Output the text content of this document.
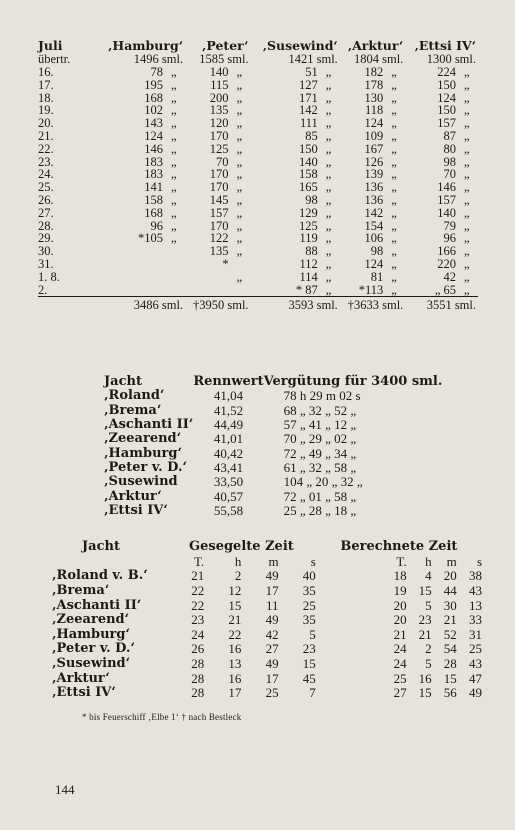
Juli	‚Hamburg‘		‚Peter‘		‚Susewind‘		‚Arktur‘		‚Ettsi IV‘	
übertr.	1496 sml.		1585 sml.		1421 sml.		1804 sml.		1300 sml.	
16.	78	„	140	„	51	„	182	„	224	„
17.	195	„	115	„	127	„	178	„	150	„
18.	168	„	200	„	171	„	130	„	124	„
19.	102	„	135	„	142	„	118	„	150	„
20.	143	„	120	„	111	„	124	„	157	„
21.	124	„	170	„	85	„	109	„	87	„
22.	146	„	125	„	150	„	167	„	80	„
23.	183	„	70	„	140	„	126	„	98	„
24.	183	„	170	„	158	„	139	„	70	„
25.	141	„	170	„	165	„	136	„	146	„
26.	158	„	145	„	98	„	136	„	157	„
27.	168	„	157	„	129	„	142	„	140	„
28.	96	„	170	„	125	„	154	„	79	„
29.	*105	„	122	„	119	„	106	„	96	„
30.			135	„	88	„	98	„	166	„
31.			*		112	„	124	„	220	„
1. 8.				„	114	„	81	„	42	„
2.					* 87	„	*113	„	„ 65	„
	3486 sml.		†3950 sml.		3593 sml.		†3633 sml.		3551 sml.	
Jacht	Rennwert	Vergütung für 3400 sml.
‚Roland‘	41,04	78 h 29 m 02 s
‚Brema‘	41,52	68 „ 32 „ 52 „
‚Aschanti II‘	44,49	57 „ 41 „ 12 „
‚Zeearend‘	41,01	70 „ 29 „ 02 „
‚Hamburg‘	40,42	72 „ 49 „ 34 „
‚Peter v. D.‘	43,41	61 „ 32 „ 58 „
‚Susewind	33,50	104 „ 20 „ 32 „
‚Arktur‘	40,57	72 „ 01 „ 58 „
‚Ettsi IV‘	55,58	25 „ 28 „ 18 „
Jacht	Gesegelte Zeit				Berechnete Zeit			
	T.	h	m	s	T.	h	m	s
‚Roland v. B.‘	21	2	49	40	18	4	20	38
‚Brema‘	22	12	17	35	19	15	44	43
‚Aschanti II‘	22	15	11	25	20	5	30	13
‚Zeearend‘	23	21	49	35	20	23	21	33
‚Hamburg‘	24	22	42	5	21	21	52	31
‚Peter v. D.‘	26	16	27	23	24	2	54	25
‚Susewind‘	28	13	49	15	24	5	28	43
‚Arktur‘	28	16	17	45	25	16	15	47
‚Ettsi IV‘	28	17	25	7	27	15	56	49
* bis Feuerschiff ‚Elbe 1‘ † nach Bestleck
144
